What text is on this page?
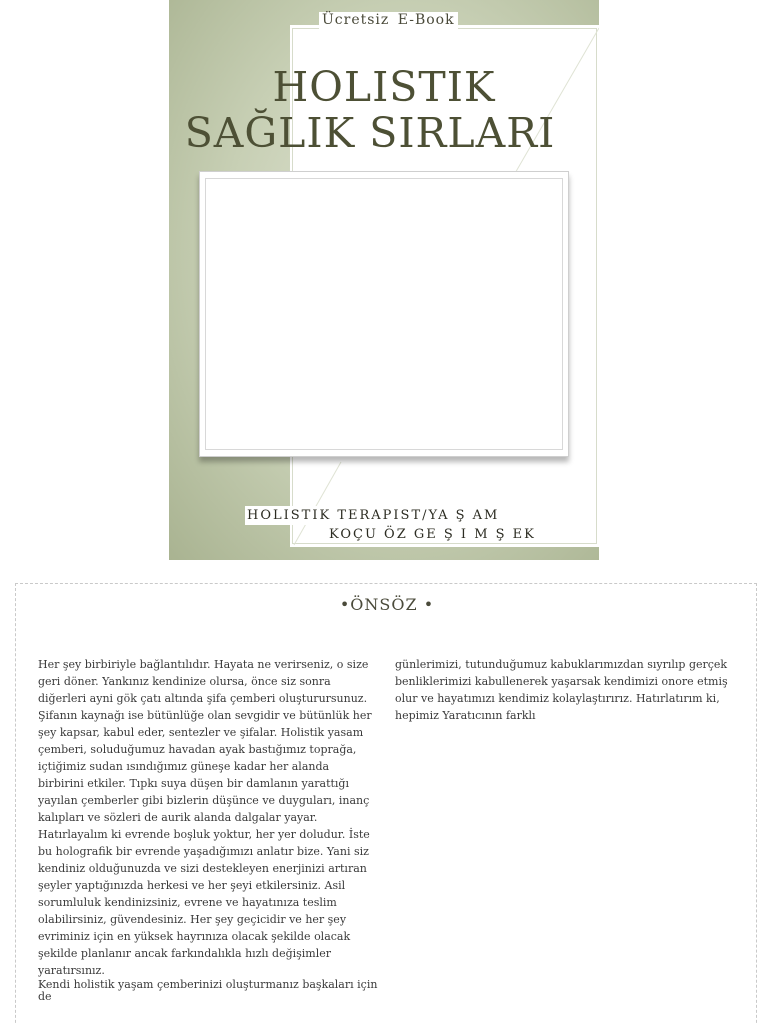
Ücretsiz E-Book
HOLISTIK
SAĞLIK SIRLARI
HOLISTIK TERAPIST/YA Ş AM
KOÇU ÖZ GE Ş I M Ş EK
•ÖNSÖZ •

Her şey birbiriyle bağlantılıdır. Hayata ne verirseniz, o size geri döner. Yankınız kendinize olursa, önce siz sonra diğerleri ayni gök çatı altında şifa çemberi oluşturursunuz. Şifanın kaynağı ise bütünlüğe olan sevgidir ve bütünlük her şey kapsar, kabul eder, sentezler ve şifalar. Holistik yasam çemberi, soluduğumuz havadan ayak bastığımız toprağa, içtiğimiz sudan ısındığımız güneşe kadar her alanda birbirini etkiler. Tıpkı suya düşen bir damlanın yarattığı yayılan çemberler gibi bizlerin düşünce ve duyguları, inanç kalıpları ve sözleri de aurik alanda dalgalar yayar. Hatırlayalım ki evrende boşluk yoktur, her yer doludur. İste bu holografik bir evrende yaşadığımızı anlatır bize. Yani siz kendiniz olduğunuzda ve sizi destekleyen enerjinizi artıran şeyler yaptığınızda herkesi ve her şeyi etkilersiniz. Asil sorumluluk kendinizsiniz, evrene ve hayatınıza teslim olabilirsiniz, güvendesiniz. Her şey geçicidir ve her şey evriminiz için en yüksek hayrınıza olacak şekilde olacak şekilde planlanır ancak farkındalıkla hızlı değişimler yaratırsınız.

Kendi holistik yaşam çemberinizi oluşturmanız başkaları için de

günlerimizi, tutunduğumuz kabuklarımızdan sıyrılıp gerçek benliklerimizi kabullenerek yaşarsak kendimizi onore etmiş olur ve hayatımızı kendimiz kolaylaştırırız. Hatırlatırım ki, hepimiz Yaratıcının farklı
